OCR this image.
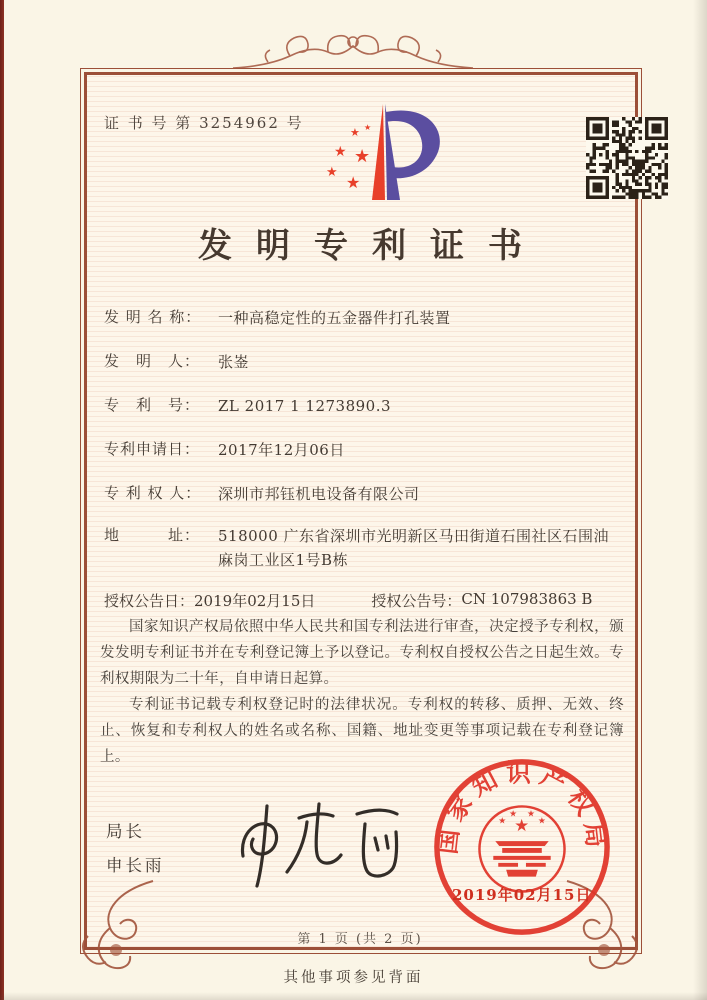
证 书 号 第 3254962 号
★
★ ★
★
★
★
发明专利证书
发 明 名 称：	一种高稳定性的五金器件打孔装置
发　明　人：	张崟
专　利　号：	ZL 2017 1 1273890.3
专利申请日：	2017年12月06日
专 利 权 人：	深圳市邦钰机电设备有限公司
地　　　址：	518000 广东省深圳市光明新区马田街道石围社区石围油麻岗工业区1号B栋
授权公告日： 2019年02月15日	授权公告号： CN 107983863 B

国家知识产权局依照中华人民共和国专利法进行审查，决定授予专利权，颁发发明专利证书并在专利登记簿上予以登记。专利权自授权公告之日起生效。专利权期限为二十年，自申请日起算。

专利证书记载专利权登记时的法律状况。专利权的转移、质押、无效、终止、恢复和专利权人的姓名或名称、国籍、地址变更等事项记载在专利登记簿上。

局长
申长雨
国家知识产权局
★
★
★ ★
★
2019年02月15日
第 1 页 (共 2 页)
其他事项参见背面
